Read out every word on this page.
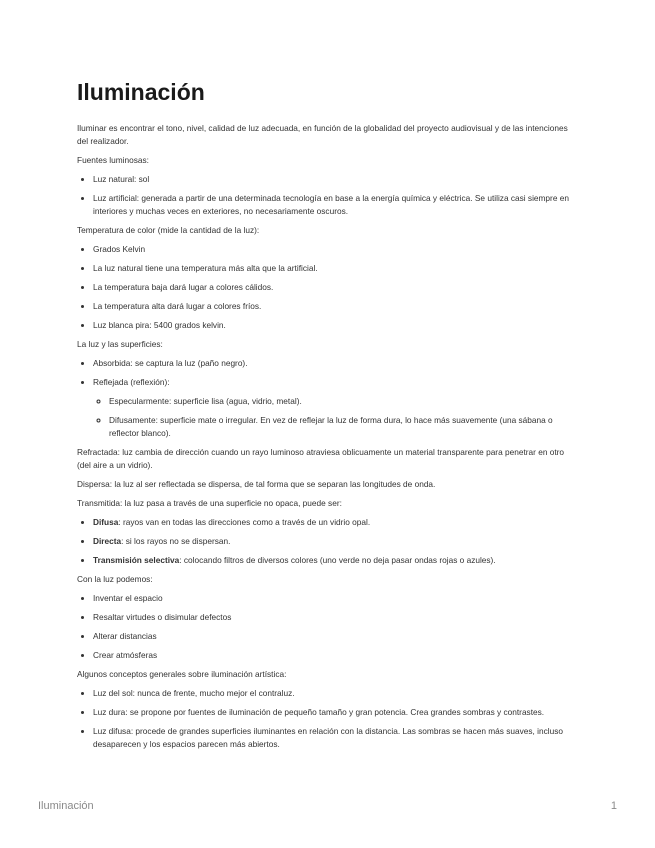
Iluminación

Iluminar es encontrar el tono, nivel, calidad de luz adecuada, en función de la globalidad del proyecto audiovisual y de las intenciones del realizador.

Fuentes luminosas:

• Luz natural: sol
• Luz artificial: generada a partir de una determinada tecnología en base a la energía química y eléctrica. Se utiliza casi siempre en interiores y muchas veces en exteriores, no necesariamente oscuros.

Temperatura de color (mide la cantidad de la luz):

• Grados Kelvin
• La luz natural tiene una temperatura más alta que la artificial.
• La temperatura baja dará lugar a colores cálidos.
• La temperatura alta dará lugar a colores fríos.
• Luz blanca pira: 5400 grados kelvin.

La luz y las superficies:

• Absorbida: se captura la luz (paño negro).
• Reflejada (reflexión):
◦ Especularmente: superficie lisa (agua, vidrio, metal).
◦ Difusamente: superficie mate o irregular. En vez de reflejar la luz de forma dura, lo hace más suavemente (una sábana o reflector blanco).

Refractada: luz cambia de dirección cuando un rayo luminoso atraviesa oblicuamente un material transparente para penetrar en otro (del aire a un vidrio).

Dispersa: la luz al ser reflectada se dispersa, de tal forma que se separan las longitudes de onda.

Transmitida: la luz pasa a través de una superficie no opaca, puede ser:

• Difusa: rayos van en todas las direcciones como a través de un vidrio opal.
• Directa: si los rayos no se dispersan.
• Transmisión selectiva: colocando filtros de diversos colores (uno verde no deja pasar ondas rojas o azules).

Con la luz podemos:

• Inventar el espacio
• Resaltar virtudes o disimular defectos
• Alterar distancias
• Crear atmósferas

Algunos conceptos generales sobre iluminación artística:

• Luz del sol: nunca de frente, mucho mejor el contraluz.
• Luz dura: se propone por fuentes de iluminación de pequeño tamaño y gran potencia. Crea grandes sombras y contrastes.
• Luz difusa: procede de grandes superficies iluminantes en relación con la distancia. Las sombras se hacen más suaves, incluso desaparecen y los espacios parecen más abiertos.
Iluminación	1
